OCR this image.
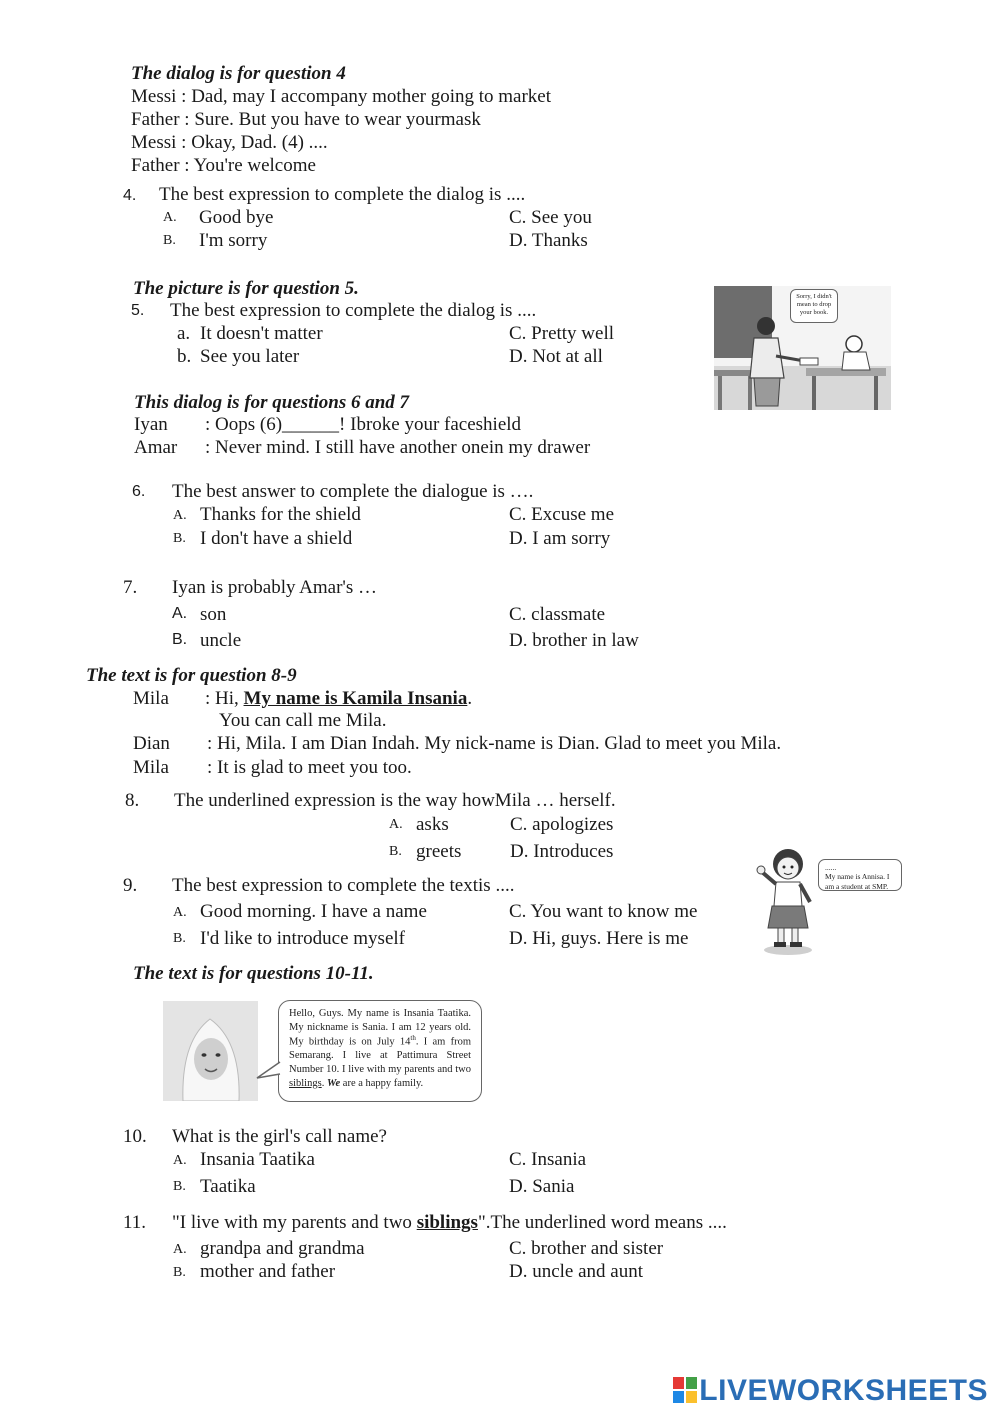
The dialog is for question 4
Messi : Dad, may I accompany mother going to market
Father : Sure. But you have to wear yourmask
Messi : Okay, Dad. (4) ....
Father : You're welcome
4. The best expression to complete the dialog is ....
A. Good bye
B. I'm sorry
C. See you
D. Thanks
The picture is for question 5.
5. The best expression to complete the dialog is ....
a. It doesn't matter
b. See you later
C. Pretty well
D. Not at all
Sorry, I didn't mean to drop your book.
This dialog is for questions 6 and 7
Iyan : Oops (6)______! Ibroke your faceshield
Amar : Never mind. I still have another onein my drawer
6. The best answer to complete the dialogue is ….
A. Thanks for the shield
B. I don't have a shield
C. Excuse me
D. I am sorry
7. Iyan is probably Amar's …
A. son
B. uncle
C. classmate
D. brother in law
The text is for question 8-9
Mila : Hi, My name is Kamila Insania.
You can call me Mila.
Dian : Hi, Mila. I am Dian Indah. My nick-name is Dian. Glad to meet you Mila.
Mila : It is glad to meet you too.
8. The underlined expression is the way howMila … herself.
A. asks
B. greets
C. apologizes
D. Introduces
9. The best expression to complete the textis ....
A. Good morning. I have a name
B. I'd like to introduce myself
C. You want to know me
D. Hi, guys. Here is me
......
My name is Annisa. I am a student at SMP.
The text is for questions 10-11.
Hello, Guys. My name is Insania Taatika. My nickname is Sania. I am 12 years old. My birthday is on July 14th. I am from Semarang. I live at Pattimura Street Number 10. I live with my parents and two siblings. We are a happy family.
10. What is the girl's call name?
A. Insania Taatika
B. Taatika
C. Insania
D. Sania
11. "I live with my parents and two siblings".The underlined word means ....
A. grandpa and grandma
B. mother and father
C. brother and sister
D. uncle and aunt
LIVEWORKSHEETS
